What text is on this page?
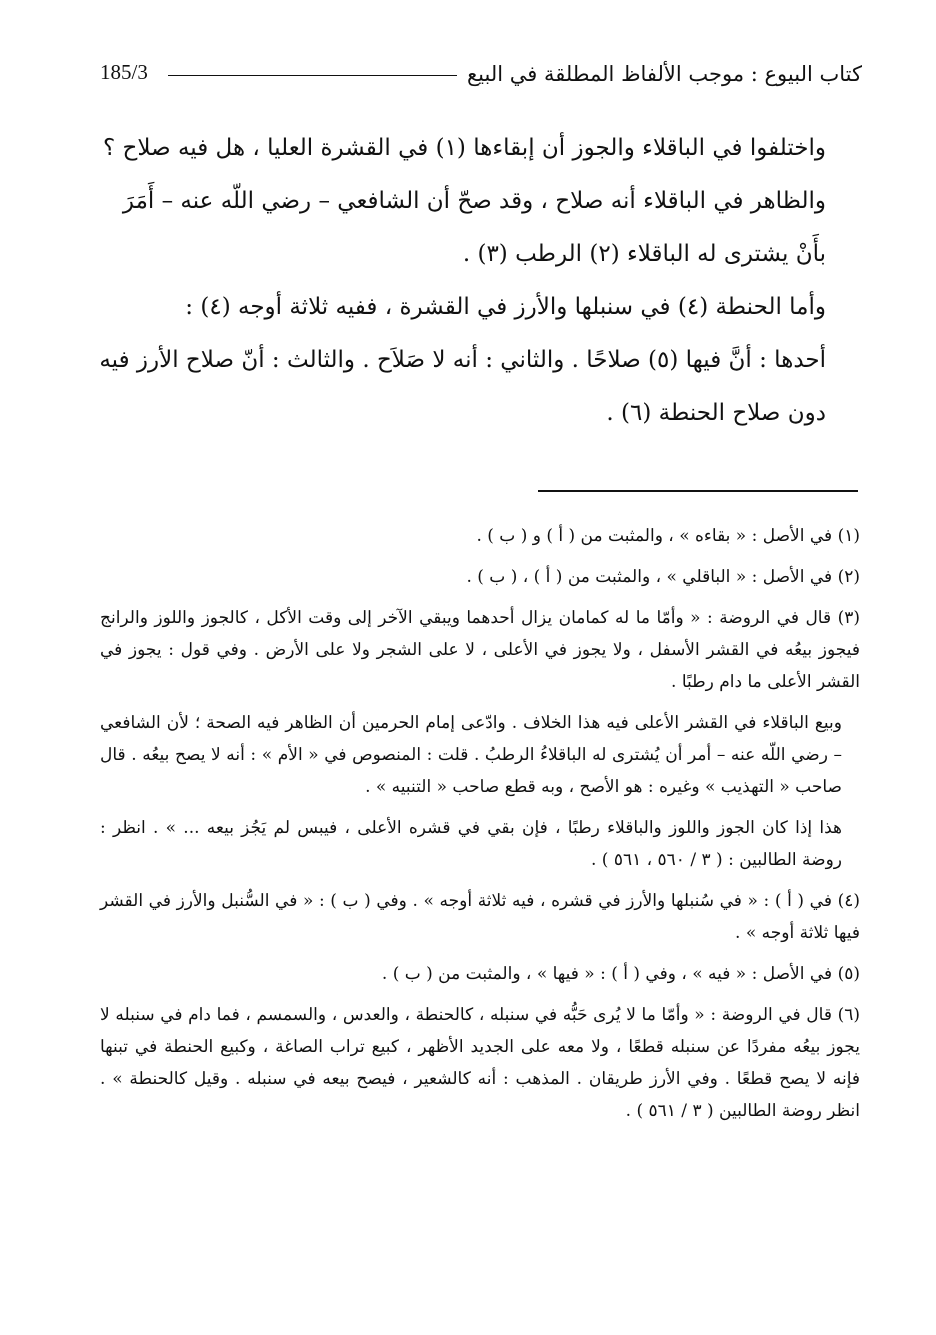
185/3	كتاب البيوع : موجب الألفاظ المطلقة في البيع

واختلفوا في الباقلاء والجوز أن إبقاءها (١) في القشرة العليا ، هل فيه صلاح ؟

والظاهر في الباقلاء أنه صلاح ، وقد صحّ أن الشافعي – رضي اللّه عنه – أَمَرَ بأَنْ يشترى له الباقلاء (٢) الرطب (٣) .

وأما الحنطة (٤) في سنبلها والأرز في القشرة ، ففيه ثلاثة أوجه (٤) :

أحدها : أنَّ فيها (٥) صلاحًا . والثاني : أنه لا صَلاَح . والثالث : أنّ صلاح الأرز فيه دون صلاح الحنطة (٦) .

(١) في الأصل : « بقاءه » ، والمثبت من ( أ ) و ( ب ) .

(٢) في الأصل : « الباقلي » ، والمثبت من ( أ ) ، ( ب ) .

(٣) قال في الروضة : « وأمّا ما له كمامان يزال أحدهما ويبقي الآخر إلى وقت الأكل ، كالجوز واللوز والرانج فيجوز بيعُه في القشر الأسفل ، ولا يجوز في الأعلى ، لا على الشجر ولا على الأرض . وفي قول : يجوز في القشر الأعلى ما دام رطبًا .

وبيع الباقلاء في القشر الأعلى فيه هذا الخلاف . وادّعى إمام الحرمين أن الظاهر فيه الصحة ؛ لأن الشافعي – رضي اللّه عنه – أمر أن يُشترى له الباقلاءُ الرطبُ . قلت : المنصوص في « الأم » : أنه لا يصح بيعُه . قال صاحب « التهذيب » وغيره : هو الأصح ، وبه قطع صاحب « التنبيه » .

هذا إذا كان الجوز واللوز والباقلاء رطبًا ، فإن بقي في قشره الأعلى ، فيبس لم يَجُز بيعه ... » . انظر : روضة الطالبين : ( ٣ / ٥٦٠ ، ٥٦١ ) .

(٤) في ( أ ) : « في سُنبلها والأرز في قشره ، فيه ثلاثة أوجه » . وفي ( ب ) : « في السُّنبل والأرز في القشر فيها ثلاثة أوجه » .

(٥) في الأصل : « فيه » ، وفي ( أ ) : « فيها » ، والمثبت من ( ب ) .

(٦) قال في الروضة : « وأمّا ما لا يُرى حَبُّه في سنبله ، كالحنطة ، والعدس ، والسمسم ، فما دام في سنبله لا يجوز بيعُه مفردًا عن سنبله قطعًا ، ولا معه على الجديد الأظهر ، كبيع تراب الصاغة ، وكبيع الحنطة في تبنها فإنه لا يصح قطعًا . وفي الأرز طريقان . المذهب : أنه كالشعير ، فيصح بيعه في سنبله . وقيل كالحنطة » . انظر روضة الطالبين ( ٣ / ٥٦١ ) .
